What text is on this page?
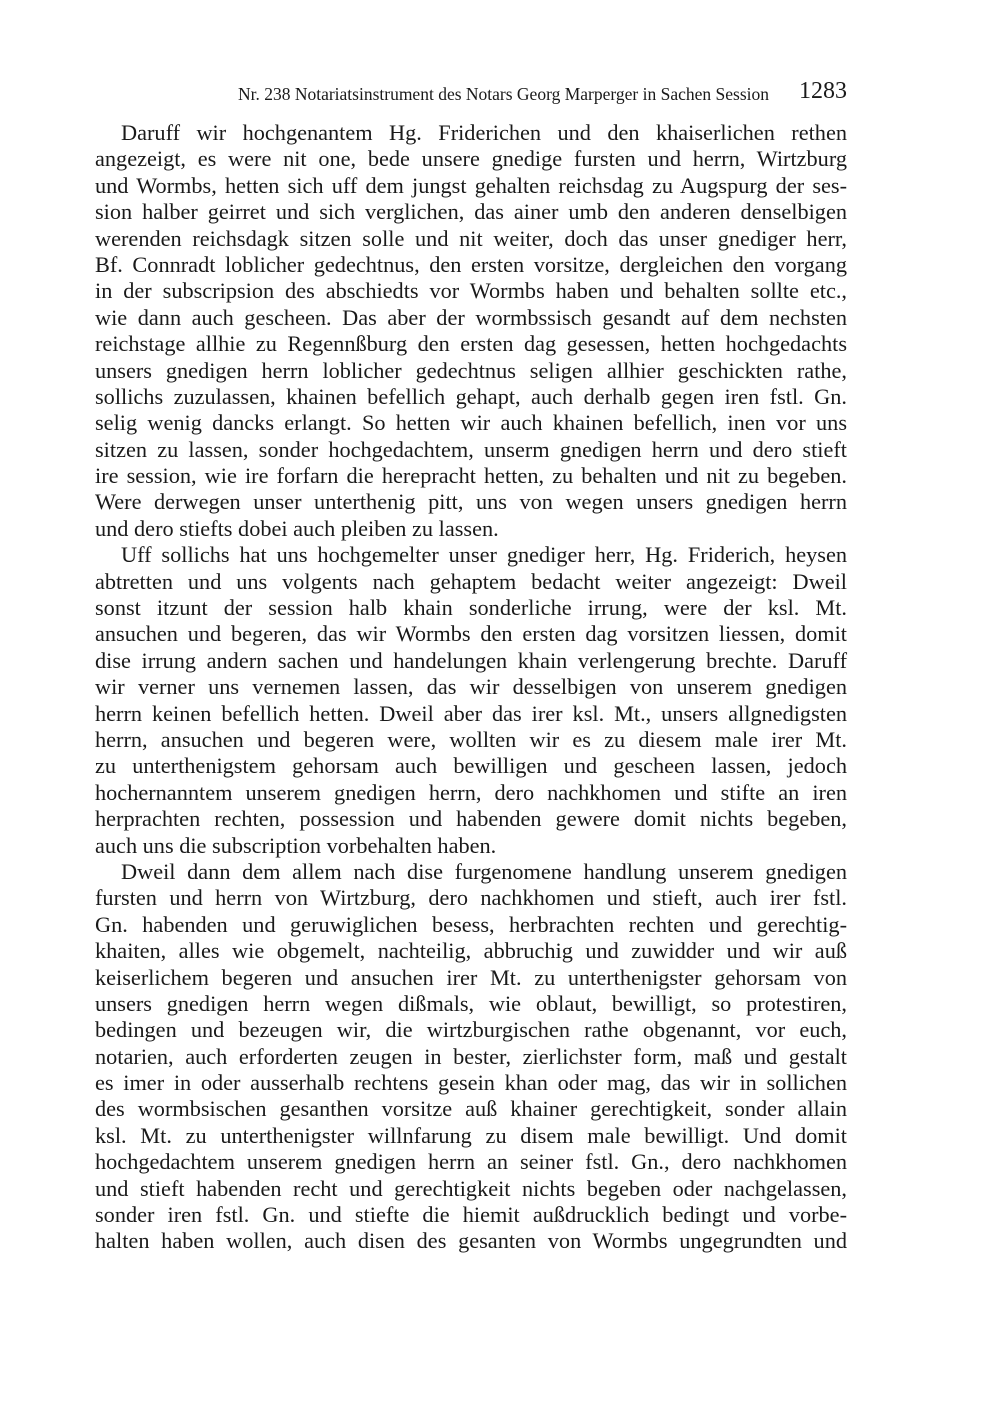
Nr. 238 Notariatsinstrument des Notars Georg Marperger in Sachen Session 1283
Daruff wir hochgenantem Hg. Friderichen und den khaiserlichen rethen
angezeigt, es were nit one, bede unsere gnedige fursten und herrn, Wirtzburg
und Wormbs, hetten sich uff dem jungst gehalten reichsdag zu Augspurg der ses-
sion halber geirret und sich verglichen, das ainer umb den anderen denselbigen
werenden reichsdagk sitzen solle und nit weiter, doch das unser gnediger herr,
Bf. Connradt loblicher gedechtnus, den ersten vorsitze, dergleichen den vorgang
in der subscripsion des abschiedts vor Wormbs haben und behalten sollte etc.,
wie dann auch gescheen. Das aber der wormbssisch gesandt auf dem nechsten
reichstage allhie zu Regennßburg den ersten dag gesessen, hetten hochgedachts
unsers gnedigen herrn loblicher gedechtnus seligen allhier geschickten rathe,
sollichs zuzulassen, khainen befellich gehapt, auch derhalb gegen iren fstl. Gn.
selig wenig dancks erlangt. So hetten wir auch khainen befellich, inen vor uns
sitzen zu lassen, sonder hochgedachtem, unserm gnedigen herrn und dero stieft
ire session, wie ire forfarn die herepracht hetten, zu behalten und nit zu begeben.
Were derwegen unser unterthenig pitt, uns von wegen unsers gnedigen herrn
und dero stiefts dobei auch pleiben zu lassen.
Uff sollichs hat uns hochgemelter unser gnediger herr, Hg. Friderich, heysen
abtretten und uns volgents nach gehaptem bedacht weiter angezeigt: Dweil
sonst itzunt der session halb khain sonderliche irrung, were der ksl. Mt.
ansuchen und begeren, das wir Wormbs den ersten dag vorsitzen liessen, domit
dise irrung andern sachen und handelungen khain verlengerung brechte. Daruff
wir verner uns vernemen lassen, das wir desselbigen von unserem gnedigen
herrn keinen befellich hetten. Dweil aber das irer ksl. Mt., unsers allgnedigsten
herrn, ansuchen und begeren were, wollten wir es zu diesem male irer Mt.
zu unterthenigstem gehorsam auch bewilligen und gescheen lassen, jedoch
hochernanntem unserem gnedigen herrn, dero nachkhomen und stifte an iren
herprachten rechten, possession und habenden gewere domit nichts begeben,
auch uns die subscription vorbehalten haben.
Dweil dann dem allem nach dise furgenomene handlung unserem gnedigen
fursten und herrn von Wirtzburg, dero nachkhomen und stieft, auch irer fstl.
Gn. habenden und geruwiglichen besess, herbrachten rechten und gerechtig-
khaiten, alles wie obgemelt, nachteilig, abbruchig und zuwidder und wir auß
keiserlichem begeren und ansuchen irer Mt. zu unterthenigster gehorsam von
unsers gnedigen herrn wegen dißmals, wie oblaut, bewilligt, so protestiren,
bedingen und bezeugen wir, die wirtzburgischen rathe obgenannt, vor euch,
notarien, auch erforderten zeugen in bester, zierlichster form, maß und gestalt
es imer in oder ausserhalb rechtens gesein khan oder mag, das wir in sollichen
des wormbsischen gesanthen vorsitze auß khainer gerechtigkeit, sonder allain
ksl. Mt. zu unterthenigster willnfarung zu disem male bewilligt. Und domit
hochgedachtem unserem gnedigen herrn an seiner fstl. Gn., dero nachkhomen
und stieft habenden recht und gerechtigkeit nichts begeben oder nachgelassen,
sonder iren fstl. Gn. und stiefte die hiemit außdrucklich bedingt und vorbe-
halten haben wollen, auch disen des gesanten von Wormbs ungegrundten und
